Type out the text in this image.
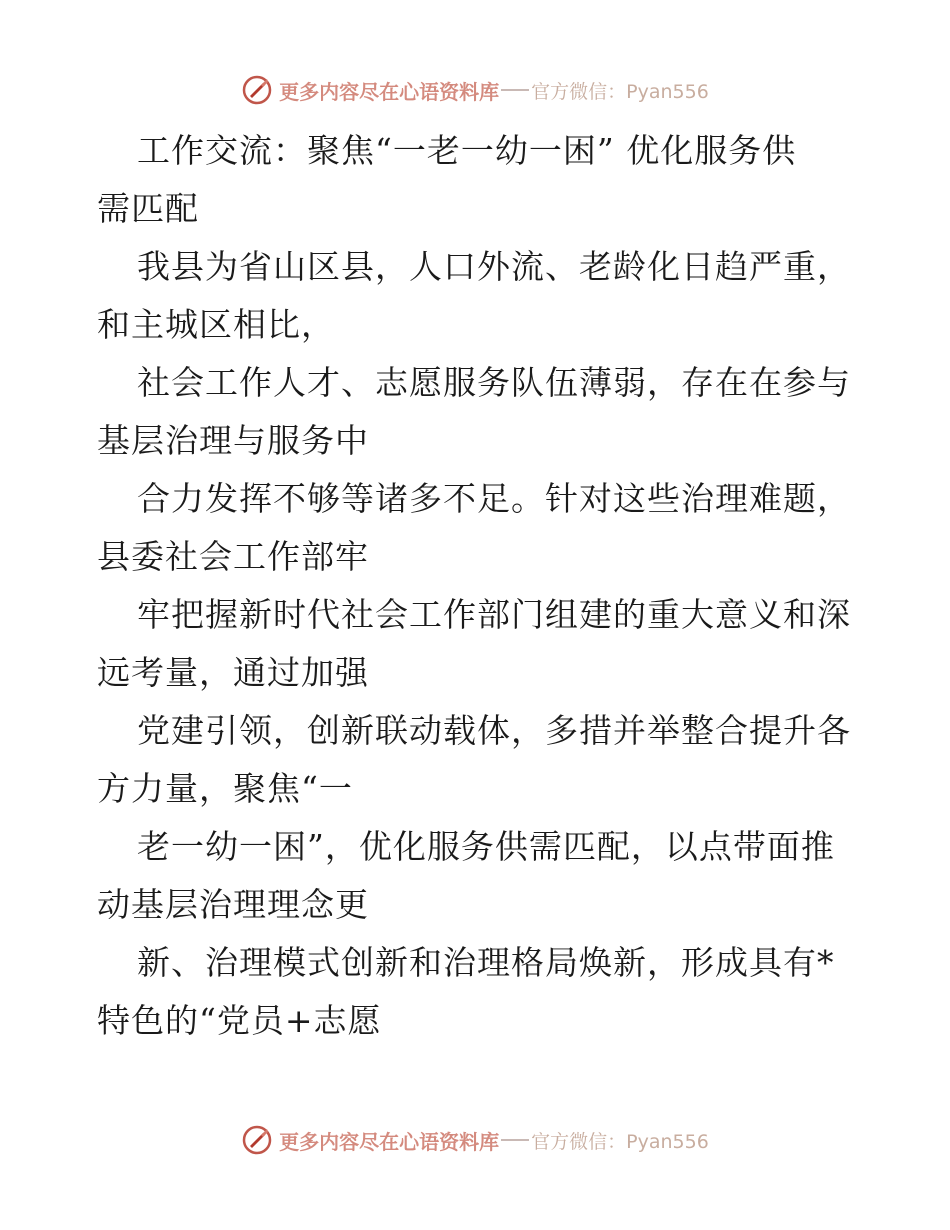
更多内容尽在心语资料库 官方微信：Pyan556
工作交流：聚焦“一老一幼一困” 优化服务供
需匹配
我县为省山区县，人口外流、老龄化日趋严重，
和主城区相比，
社会工作人才、志愿服务队伍薄弱，存在在参与
基层治理与服务中
合力发挥不够等诸多不足。针对这些治理难题，
县委社会工作部牢
牢把握新时代社会工作部门组建的重大意义和深
远考量，通过加强
党建引领，创新联动载体，多措并举整合提升各
方力量，聚焦“一
老一幼一困”，优化服务供需匹配，以点带面推
动基层治理理念更
新、治理模式创新和治理格局焕新，形成具有*
特色的“党员+志愿
更多内容尽在心语资料库 官方微信：Pyan556
